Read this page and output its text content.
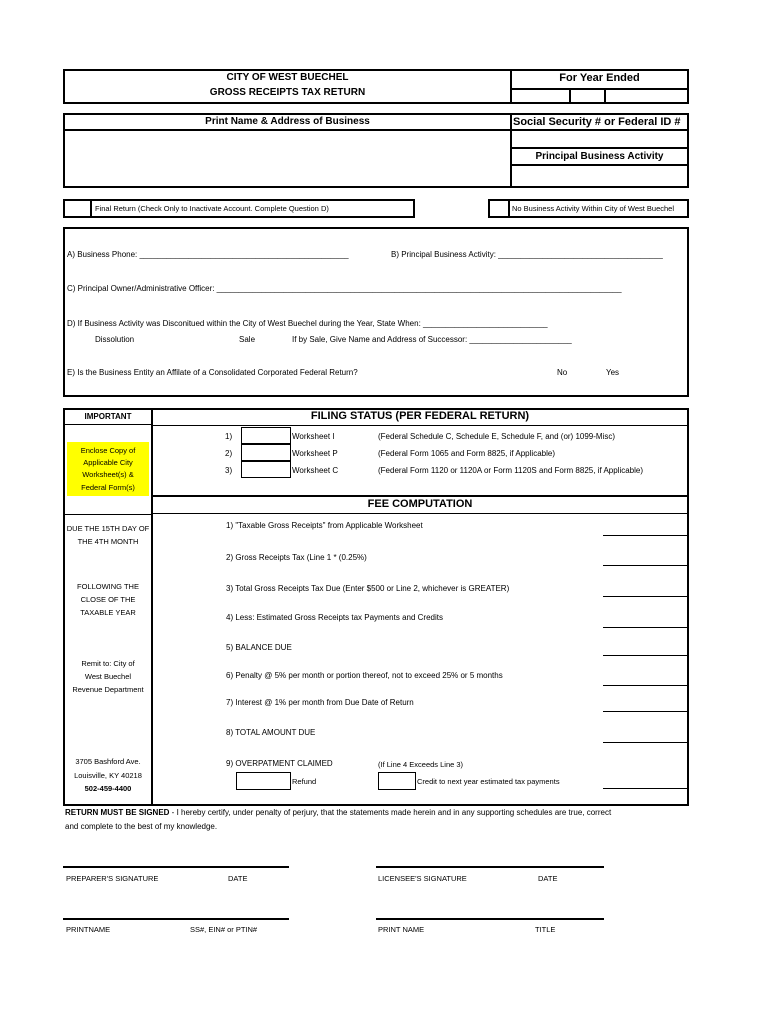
CITY OF WEST BUECHEL
GROSS RECEIPTS TAX RETURN
For Year Ended
Print Name & Address of Business	Social Security # or Federal ID #
Principal Business Activity
Final Return (Check Only to Inactivate Account. Complete Question D)	No Business Activity Within City of West Buechel
A) Business Phone: _______________________________________________	B) Principal Business Activity: _____________________________________
C) Principal Owner/Administrative Officer: ___________________________________________________________________________________________
D) If Business Activity was Disconitued within the City of West Buechel during the Year, State When: ____________________________
Dissolution	Sale	If by Sale, Give Name and Address of Successor: _______________________
E) Is the Business Entity an Affilate of a Consolidated Corporated Federal Return?	No	Yes
IMPORTANT
Enclose Copy of
Applicable City
Worksheet(s) &
Federal Form(s)
DUE THE 15TH DAY OF
THE 4TH MONTH
FOLLOWING THE
CLOSE OF THE
TAXABLE YEAR
Remit to: City of
West Buechel
Revenue Department
3705 Bashford Ave.
Louisville, KY 40218
502-459-4400
FILING STATUS (PER FEDERAL RETURN)
1)	Worksheet I	(Federal Schedule C, Schedule E, Schedule F, and (or) 1099-Misc)
2)	Worksheet P	(Federal Form 1065 and Form 8825, if Applicable)
3)	Worksheet C	(Federal Form 1120 or 1120A or Form 1120S and Form 8825, if Applicable)
FEE COMPUTATION
1) "Taxable Gross Receipts" from Applicable Worksheet
2) Gross Receipts Tax (Line 1 * (0.25%)
3) Total Gross Receipts Tax Due (Enter $500 or Line 2, whichever is GREATER)
4) Less: Estimated Gross Receipts tax Payments and Credits
5) BALANCE DUE
6) Penalty @ 5% per month or portion thereof, not to exceed 25% or 5 months
7) Interest @ 1% per month from Due Date of Return
8) TOTAL AMOUNT DUE
9) OVERPATMENT CLAIMED	(If Line 4 Exceeds Line 3)
Refund	Credit to next year estimated tax payments
RETURN MUST BE SIGNED - I hereby certify, under penalty of perjury, that the statements made herein and in any supporting schedules are true, correct
and complete to the best of my knowledge.
PREPARER'S SIGNATURE	DATE	LICENSEE'S SIGNATURE	DATE
PRINTNAME	SS#, EIN# or PTIN#	PRINT NAME	TITLE
